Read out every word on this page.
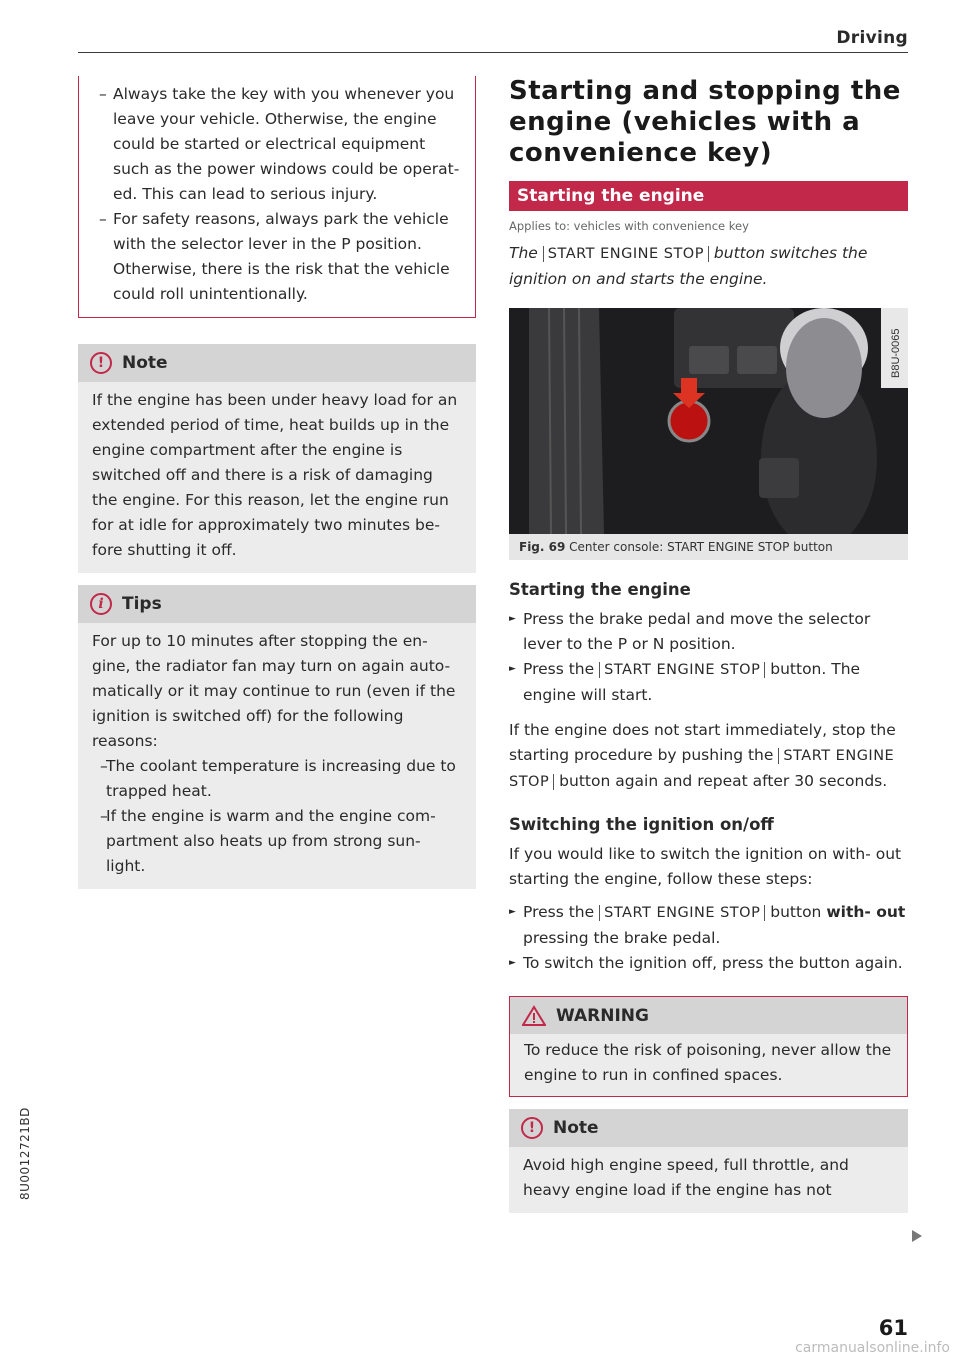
Driving
– Always take the key with you whenever you leave your vehicle. Otherwise, the engine could be started or electrical equipment such as the power windows could be operat- ed. This can lead to serious injury.
– For safety reasons, always park the vehicle with the selector lever in the P position. Otherwise, there is the risk that the vehicle could roll unintentionally.
!	Note

If the engine has been under heavy load for an extended period of time, heat builds up in the engine compartment after the engine is switched off and there is a risk of damaging the engine. For this reason, let the engine run for at idle for approximately two minutes be- fore shutting it off.

i	Tips

For up to 10 minutes after stopping the en- gine, the radiator fan may turn on again auto- matically or it may continue to run (even if the ignition is switched off) for the following reasons:

– The coolant temperature is increasing due to trapped heat.
– If the engine is warm and the engine com- partment also heats up from strong sun- light.
Starting and stopping the engine (vehicles with a convenience key)
Starting the engine
Applies to: vehicles with convenience key

The START ENGINE STOP button switches the ignition on and starts the engine.

B8U-0065
Fig. 69 Center console: START ENGINE STOP button
Starting the engine
► Press the brake pedal and move the selector lever to the P or N position.
► Press the START ENGINE STOP button. The engine will start.

If the engine does not start immediately, stop the starting procedure by pushing the START ENGINE STOP button again and repeat after 30 seconds.

Switching the ignition on/off

If you would like to switch the ignition on with- out starting the engine, follow these steps:

► Press the START ENGINE STOP button with- out pressing the brake pedal.
► To switch the ignition off, press the button again.
WARNING
To reduce the risk of poisoning, never allow the engine to run in confined spaces.
!	Note

Avoid high engine speed, full throttle, and heavy engine load if the engine has not

61
8U0012721BD
carmanualsonline.info
